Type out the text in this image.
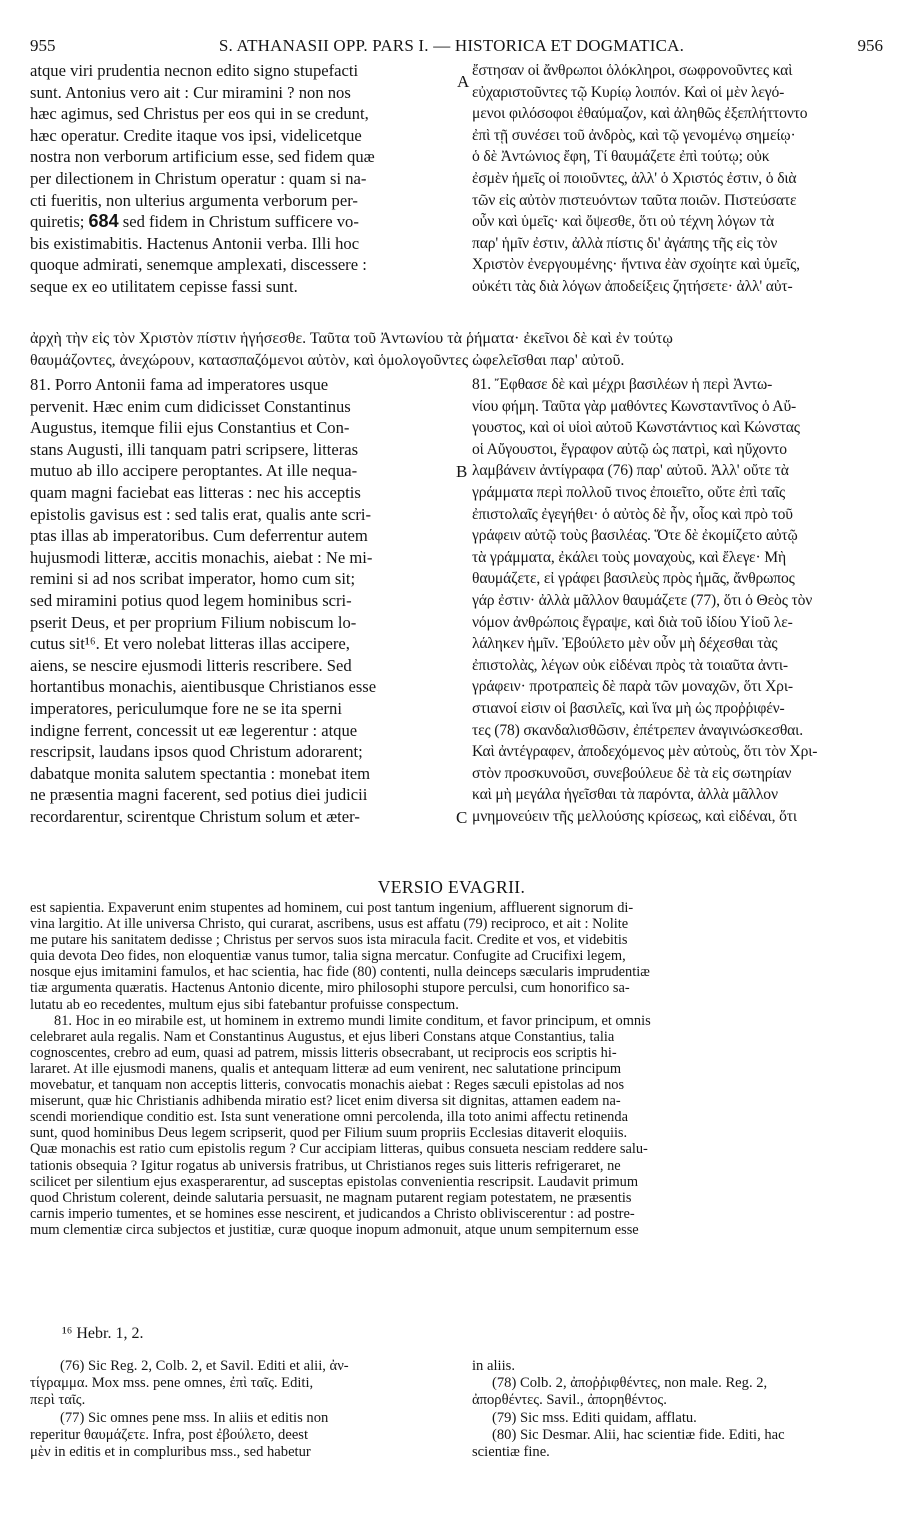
955	S. ATHANASII OPP. PARS I. — HISTORICA ET DOGMATICA.	956
atque viri prudentia necnon edito signo stupefacti
sunt. Antonius vero ait : Cur miramini ? non nos
hæc agimus, sed Christus per eos qui in se credunt,
hæc operatur. Credite itaque vos ipsi, videlicetque
nostra non verborum artificium esse, sed fidem quæ
per dilectionem in Christum operatur : quam si na-
cti fueritis, non ulterius argumenta verborum per-
quiretis; 684 sed fidem in Christum sufficere vo-
bis existimabitis. Hactenus Antonii verba. Illi hoc
quoque admirati, senemque amplexati, discessere :
seque ex eo utilitatem cepisse fassi sunt.
ἔστησαν οἱ ἄνθρωποι ὁλόκληροι, σωφρονοῦντες καὶ
εὐχαριστοῦντες τῷ Κυρίῳ λοιπόν. Καὶ οἱ μὲν λεγό-
μενοι φιλόσοφοι ἐθαύμαζον, καὶ ἀληθῶς ἐξεπλήττοντο
ἐπὶ τῇ συνέσει τοῦ ἀνδρὸς, καὶ τῷ γενομένῳ σημείῳ·
ὁ δὲ Ἀντώνιος ἔφη, Τί θαυμάζετε ἐπὶ τούτῳ; οὐκ
ἐσμὲν ἡμεῖς οἱ ποιοῦντες, ἀλλ' ὁ Χριστός ἐστιν, ὁ διὰ
τῶν εἰς αὐτὸν πιστευόντων ταῦτα ποιῶν. Πιστεύσατε
οὖν καὶ ὑμεῖς· καὶ ὄψεσθε, ὅτι οὐ τέχνη λόγων τὰ
παρ' ἡμῖν ἐστιν, ἀλλὰ πίστις δι' ἀγάπης τῆς εἰς τὸν
Χριστὸν ἐνεργουμένης· ἥντινα ἐὰν σχοίητε καὶ ὑμεῖς,
οὐκέτι τὰς διὰ λόγων ἀποδείξεις ζητήσετε· ἀλλ' αὐτ-
A
ἀρχὴ τὴν εἰς τὸν Χριστὸν πίστιν ἡγήσεσθε. Ταῦτα τοῦ Ἀντωνίου τὰ ῥήματα· ἐκεῖνοι δὲ καὶ ἐν τούτῳ
θαυμάζοντες, ἀνεχώρουν, κατασπαζόμενοι αὐτὸν, καὶ ὁμολογοῦντες ὠφελεῖσθαι παρ' αὐτοῦ.
81. Porro Antonii fama ad imperatores usque
pervenit. Hæc enim cum didicisset Constantinus
Augustus, itemque filii ejus Constantius et Con-
stans Augusti, illi tanquam patri scripsere, litteras
mutuo ab illo accipere peroptantes. At ille nequa-
quam magni faciebat eas litteras : nec his acceptis
epistolis gavisus est : sed talis erat, qualis ante scri-
ptas illas ab imperatoribus. Cum deferrentur autem
hujusmodi litteræ, accitis monachis, aiebat : Ne mi-
remini si ad nos scribat imperator, homo cum sit;
sed miramini potius quod legem hominibus scri-
pserit Deus, et per proprium Filium nobiscum lo-
cutus sit¹⁶. Et vero nolebat litteras illas accipere,
aiens, se nescire ejusmodi litteris rescribere. Sed
hortantibus monachis, aientibusque Christianos esse
imperatores, periculumque fore ne se ita sperni
indigne ferrent, concessit ut eæ legerentur : atque
rescripsit, laudans ipsos quod Christum adorarent;
dabatque monita salutem spectantia : monebat item
ne præsentia magni facerent, sed potius diei judicii
recordarentur, scirentque Christum solum et æter-
81. Ἔφθασε δὲ καὶ μέχρι βασιλέων ἡ περὶ Ἀντω-
νίου φήμη. Ταῦτα γὰρ μαθόντες Κωνσταντῖνος ὁ Αὔ-
γουστος, καὶ οἱ υἱοὶ αὐτοῦ Κωνστάντιος καὶ Κώνστας
οἱ Αὔγουστοι, ἔγραφον αὐτῷ ὡς πατρὶ, καὶ ηὔχοντο
λαμβάνειν ἀντίγραφα (76) παρ' αὐτοῦ. Ἀλλ' οὔτε τὰ
γράμματα περὶ πολλοῦ τινος ἐποιεῖτο, οὔτε ἐπὶ ταῖς
ἐπιστολαῖς ἐγεγήθει· ὁ αὐτὸς δὲ ἦν, οἷος καὶ πρὸ τοῦ
γράφειν αὐτῷ τοὺς βασιλέας. Ὅτε δὲ ἐκομίζετο αὐτῷ
τὰ γράμματα, ἐκάλει τοὺς μοναχοὺς, καὶ ἔλεγε· Μὴ
θαυμάζετε, εἰ γράφει βασιλεὺς πρὸς ἡμᾶς, ἄνθρωπος
γάρ ἐστιν· ἀλλὰ μᾶλλον θαυμάζετε (77), ὅτι ὁ Θεὸς τὸν
νόμον ἀνθρώποις ἔγραψε, καὶ διὰ τοῦ ἰδίου Υἱοῦ λε-
λάληκεν ἡμῖν. Ἐβούλετο μὲν οὖν μὴ δέχεσθαι τὰς
ἐπιστολὰς, λέγων οὐκ εἰδέναι πρὸς τὰ τοιαῦτα ἀντι-
γράφειν· προτραπεὶς δὲ παρὰ τῶν μοναχῶν, ὅτι Χρι-
στιανοί εἰσιν οἱ βασιλεῖς, καὶ ἵνα μὴ ὡς προῤῥιφέν-
τες (78) σκανδαλισθῶσιν, ἐπέτρεπεν ἀναγινώσκεσθαι.
Καὶ ἀντέγραφεν, ἀποδεχόμενος μὲν αὐτοὺς, ὅτι τὸν Χρι-
στὸν προσκυνοῦσι, συνεβούλευε δὲ τὰ εἰς σωτηρίαν
καὶ μὴ μεγάλα ἡγεῖσθαι τὰ παρόντα, ἀλλὰ μᾶλλον
μνημονεύειν τῆς μελλούσης κρίσεως, καὶ εἰδέναι, ὅτι
B
C
VERSIO EVAGRII.
est sapientia. Expaverunt enim stupentes ad hominem, cui post tantum ingenium, affluerent signorum di-
vina largitio. At ille universa Christo, qui curarat, ascribens, usus est affatu (79) reciproco, et ait : Nolite
me putare his sanitatem dedisse ; Christus per servos suos ista miracula facit. Credite et vos, et videbitis
quia devota Deo fides, non eloquentiæ vanus tumor, talia signa mercatur. Confugite ad Crucifixi legem,
nosque ejus imitamini famulos, et hac scientia, hac fide (80) contenti, nulla deinceps sæcularis imprudentiæ
tiæ argumenta quæratis. Hactenus Antonio dicente, miro philosophi stupore perculsi, cum honorifico sa-
lutatu ab eo recedentes, multum ejus sibi fatebantur profuisse conspectum.
81. Hoc in eo mirabile est, ut hominem in extremo mundi limite conditum, et favor principum, et omnis
celebraret aula regalis. Nam et Constantinus Augustus, et ejus liberi Constans atque Constantius, talia
cognoscentes, crebro ad eum, quasi ad patrem, missis litteris obsecrabant, ut reciprocis eos scriptis hi-
lararet. At ille ejusmodi manens, qualis et antequam litteræ ad eum venirent, nec salutatione principum
movebatur, et tanquam non acceptis litteris, convocatis monachis aiebat : Reges sæculi epistolas ad nos
miserunt, quæ hic Christianis adhibenda miratio est? licet enim diversa sit dignitas, attamen eadem na-
scendi moriendique conditio est. Ista sunt veneratione omni percolenda, illa toto animi affectu retinenda
sunt, quod hominibus Deus legem scripserit, quod per Filium suum propriis Ecclesias ditaverit eloquiis.
Quæ monachis est ratio cum epistolis regum ? Cur accipiam litteras, quibus consueta nesciam reddere salu-
tationis obsequia ? Igitur rogatus ab universis fratribus, ut Christianos reges suis litteris refrigeraret, ne
scilicet per silentium ejus exasperarentur, ad susceptas epistolas convenientia rescripsit. Laudavit primum
quod Christum colerent, deinde salutaria persuasit, ne magnam putarent regiam potestatem, ne præsentis
carnis imperio tumentes, et se homines esse nescirent, et judicandos a Christo obliviscerentur : ad postre-
mum clementiæ circa subjectos et justitiæ, curæ quoque inopum admonuit, atque unum sempiternum esse
¹⁶ Hebr. 1, 2.
(76) Sic Reg. 2, Colb. 2, et Savil. Editi et alii, ἀν-
τίγραμμα. Mox mss. pene omnes, ἐπὶ ταῖς. Editi,
περὶ ταῖς.
(77) Sic omnes pene mss. In aliis et editis non
reperitur θαυμάζετε. Infra, post ἐβούλετο, deest
μὲν in editis et in compluribus mss., sed habetur
in aliis.
(78) Colb. 2, ἀποῤῥιφθέντες, non male. Reg. 2,
ἀπορθέντες. Savil., ἀπορηθέντος.
(79) Sic mss. Editi quidam, afflatu.
(80) Sic Desmar. Alii, hac scientiæ fide. Editi, hac
scientiæ fine.
